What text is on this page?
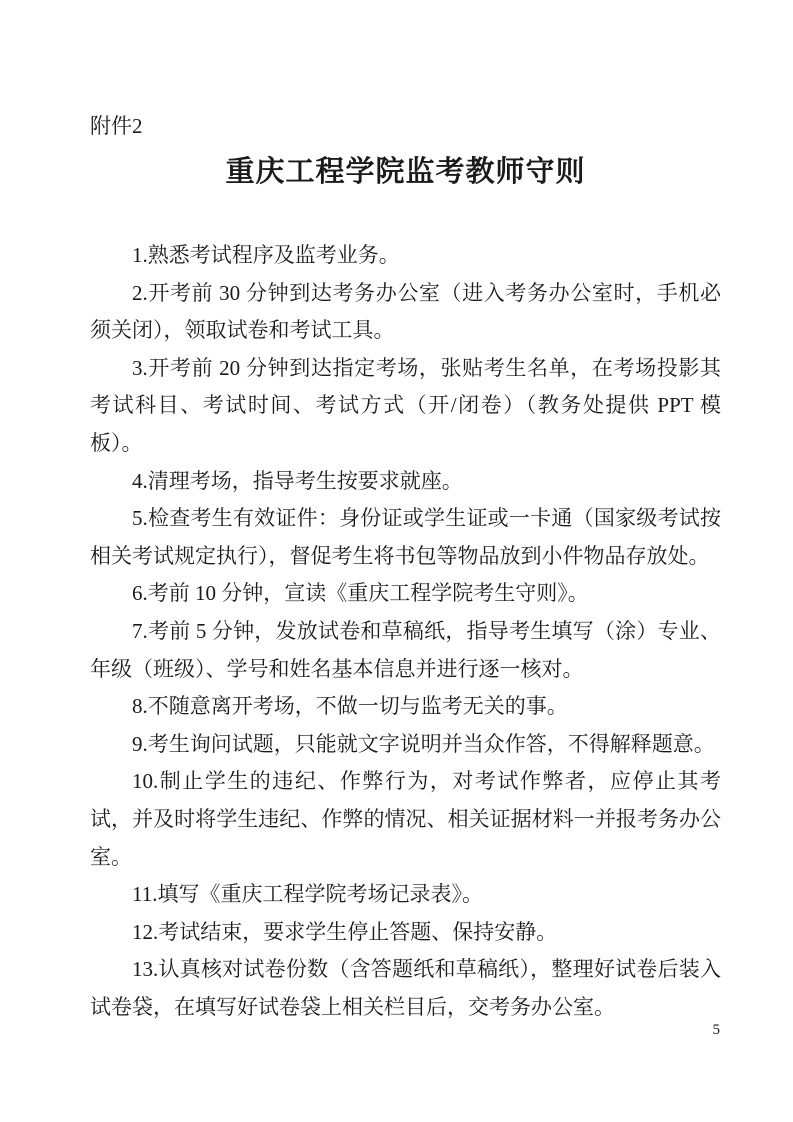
附件2
重庆工程学院监考教师守则

1.熟悉考试程序及监考业务。

2.开考前 30 分钟到达考务办公室（进入考务办公室时，手机必须关闭），领取试卷和考试工具。

3.开考前 20 分钟到达指定考场，张贴考生名单，在考场投影其考试科目、考试时间、考试方式（开/闭卷）（教务处提供 PPT 模板）。

4.清理考场，指导考生按要求就座。

5.检查考生有效证件：身份证或学生证或一卡通（国家级考试按相关考试规定执行），督促考生将书包等物品放到小件物品存放处。

6.考前 10 分钟，宣读《重庆工程学院考生守则》。

7.考前 5 分钟，发放试卷和草稿纸，指导考生填写（涂）专业、年级（班级）、学号和姓名基本信息并进行逐一核对。

8.不随意离开考场，不做一切与监考无关的事。

9.考生询问试题，只能就文字说明并当众作答，不得解释题意。

10.制止学生的违纪、作弊行为，对考试作弊者，应停止其考试，并及时将学生违纪、作弊的情况、相关证据材料一并报考务办公室。

11.填写《重庆工程学院考场记录表》。

12.考试结束，要求学生停止答题、保持安静。

13.认真核对试卷份数（含答题纸和草稿纸），整理好试卷后装入试卷袋，在填写好试卷袋上相关栏目后，交考务办公室。

5
